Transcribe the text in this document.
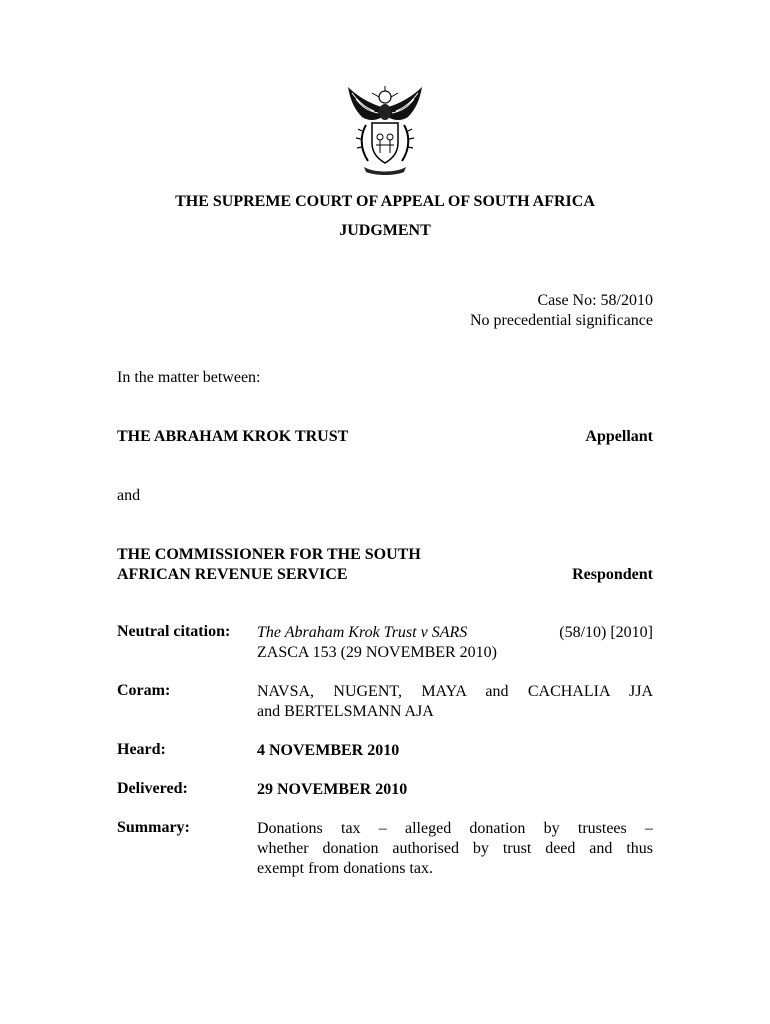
THE SUPREME COURT OF APPEAL OF SOUTH AFRICA
JUDGMENT
Case No: 58/2010
No precedential significance
In the matter between:
THE ABRAHAM KROK TRUST	Appellant
and
THE COMMISSIONER FOR THE SOUTH
AFRICAN REVENUE SERVICE	Respondent
Neutral citation:	The Abraham Krok Trust v SARS	(58/10) [2010]
ZASCA 153 (29 NOVEMBER 2010)
Coram:	NAVSA, NUGENT, MAYA and CACHALIA JJA
and BERTELSMANN AJA
Heard:	4 NOVEMBER 2010
Delivered:	29 NOVEMBER 2010
Summary:	Donations tax – alleged donation by trustees –
whether donation authorised by trust deed and thus
exempt from donations tax.
